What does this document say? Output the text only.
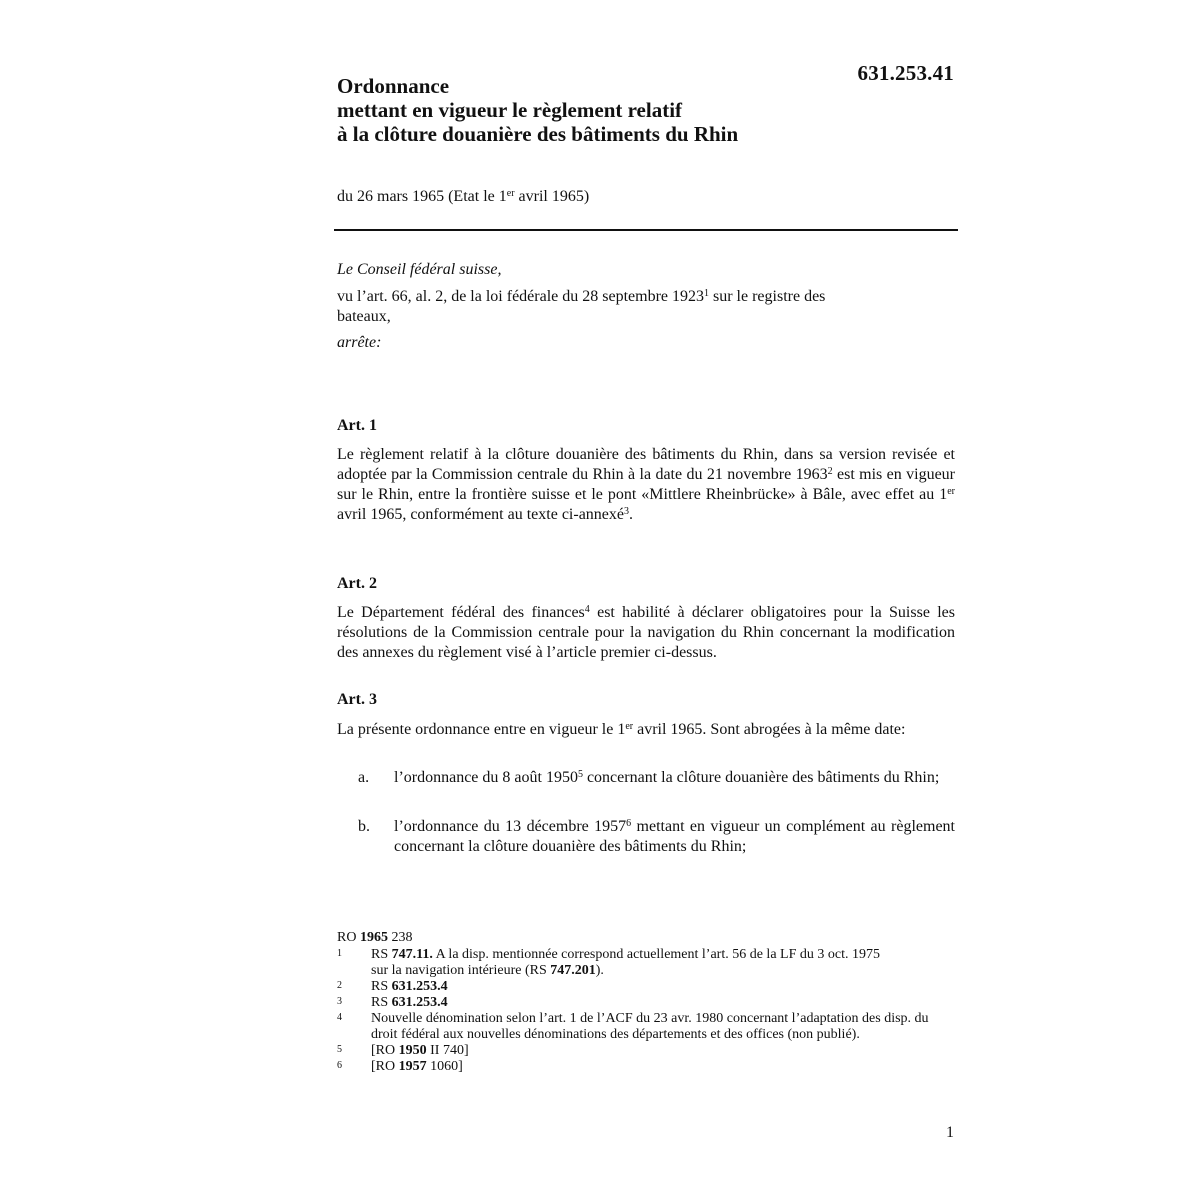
631.253.41
Ordonnance
mettant en vigueur le règlement relatif
à la clôture douanière des bâtiments du Rhin
du 26 mars 1965 (Etat le 1er avril 1965)
Le Conseil fédéral suisse,
vu l’art. 66, al. 2, de la loi fédérale du 28 septembre 1923$^1$ sur le registre des bateaux,
arrête:
Art. 1
Le règlement relatif à la clôture douanière des bâtiments du Rhin, dans sa version revisée et adoptée par la Commission centrale du Rhin à la date du 21 novembre 1963$^2$ est mis en vigueur sur le Rhin, entre la frontière suisse et le pont «Mittlere Rheinbrücke» à Bâle, avec effet au 1er avril 1965, conformément au texte ci-annexé$^3$.
Art. 2
Le Département fédéral des finances$^4$ est habilité à déclarer obligatoires pour la Suisse les résolutions de la Commission centrale pour la navigation du Rhin concernant la modification des annexes du règlement visé à l’article premier ci-dessus.
Art. 3
La présente ordonnance entre en vigueur le 1er avril 1965. Sont abrogées à la même date:
a. l’ordonnance du 8 août 1950$^5$ concernant la clôture douanière des bâtiments du Rhin;
b. l’ordonnance du 13 décembre 1957$^6$ mettant en vigueur un complément au règlement concernant la clôture douanière des bâtiments du Rhin;
RO 1965 238
1 RS 747.11. A la disp. mentionnée correspond actuellement l’art. 56 de la LF du 3 oct. 1975 sur la navigation intérieure (RS 747.201).
2 RS 631.253.4
3 RS 631.253.4
4 Nouvelle dénomination selon l’art. 1 de l’ACF du 23 avr. 1980 concernant l’adaptation des disp. du droit fédéral aux nouvelles dénominations des départements et des offices (non publié).
5 [RO 1950 II 740]
6 [RO 1957 1060]
1
